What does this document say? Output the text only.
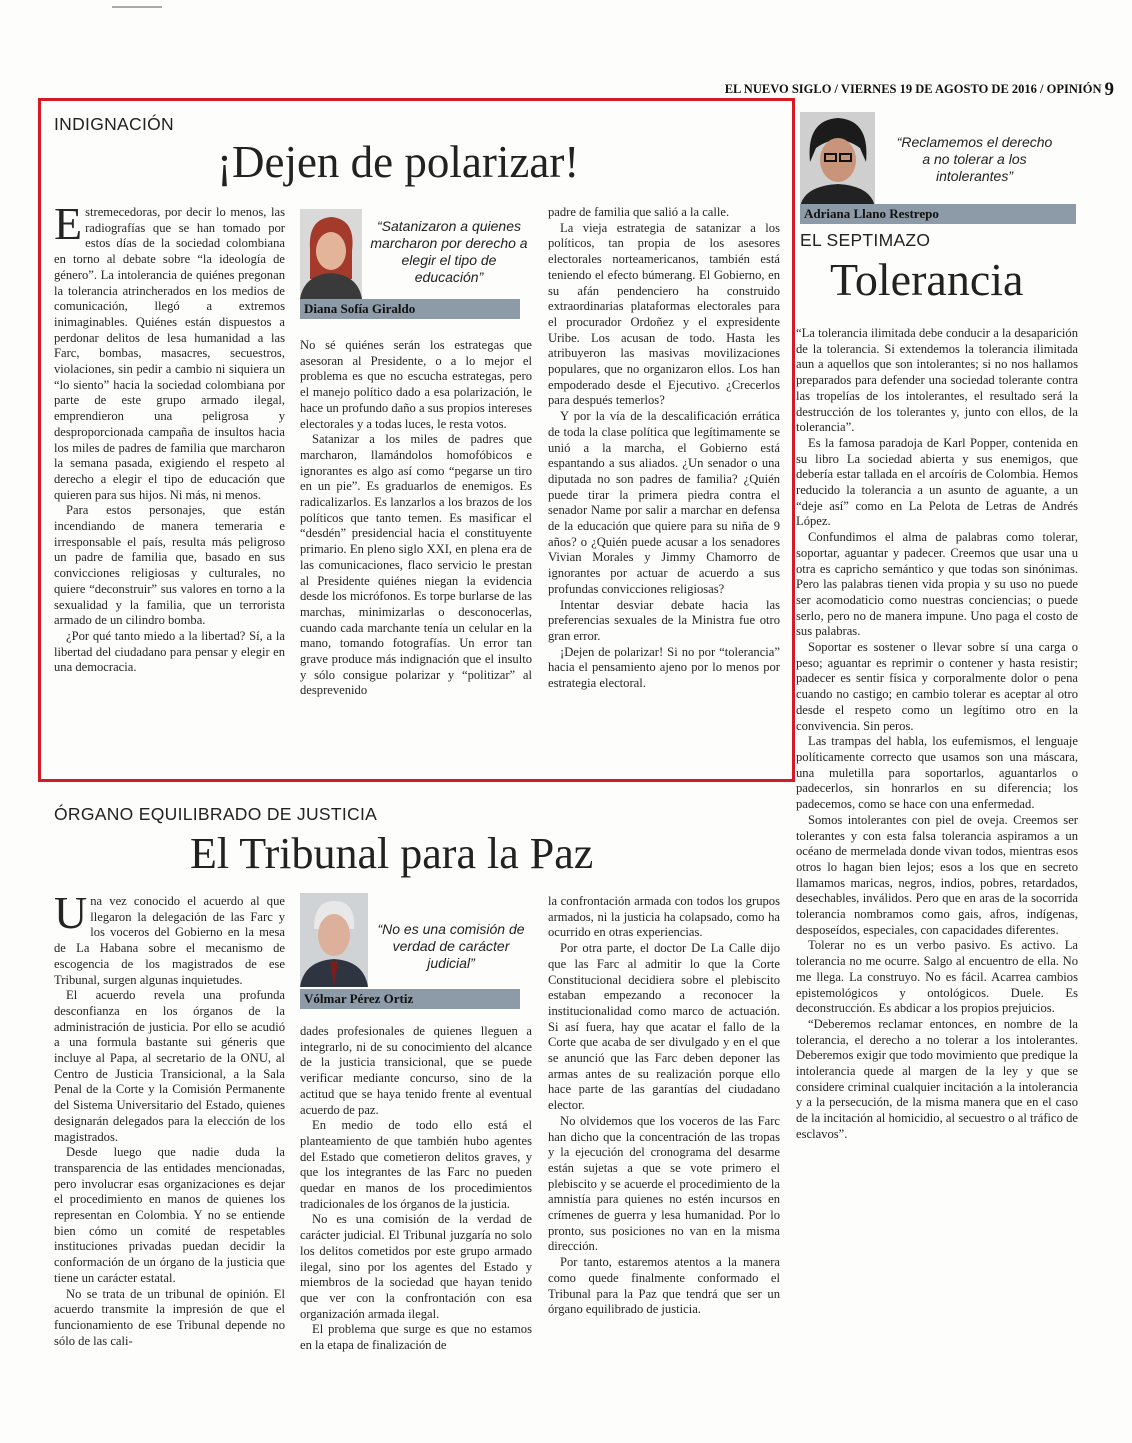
EL NUEVO SIGLO / VIERNES 19 DE AGOSTO DE 2016 / OPINIÓN 9
INDIGNACIÓN
¡Dejen de polarizar!

Estremecedoras, por decir lo menos, las radiografías que se han tomado por estos días de la sociedad colombiana en torno al debate sobre “la ideología de género”. La intolerancia de quiénes pregonan la tolerancia atrincherados en los medios de comunicación, llegó a extremos inimaginables. Quiénes están dispuestos a perdonar delitos de lesa humanidad a las Farc, bombas, masacres, secuestros, violaciones, sin pedir a cambio ni siquiera un “lo siento” hacia la sociedad colombiana por parte de este grupo armado ilegal, emprendieron una peligrosa y desproporcionada campaña de insultos hacia los miles de padres de familia que marcharon la semana pasada, exigiendo el respeto al derecho a elegir el tipo de educación que quieren para sus hijos. Ni más, ni menos.

Para estos personajes, que están incendiando de manera temeraria e irresponsable el país, resulta más peligroso un padre de familia que, basado en sus convicciones religiosas y culturales, no quiere “deconstruir” sus valores en torno a la sexualidad y la familia, que un terrorista armado de un cilindro bomba.

¿Por qué tanto miedo a la libertad? Sí, a la libertad del ciudadano para pensar y elegir en una democracia.

“Satanizaron a quienes marcharon por derecho a elegir el tipo de educación”
Diana Sofía Giraldo

No sé quiénes serán los estrategas que asesoran al Presidente, o a lo mejor el problema es que no escucha estrategas, pero el manejo político dado a esa polarización, le hace un profundo daño a sus propios intereses electorales y a todas luces, le resta votos.

Satanizar a los miles de padres que marcharon, llamándolos homofóbicos e ignorantes es algo así como “pegarse un tiro en un pie”. Es graduarlos de enemigos. Es radicalizarlos. Es lanzarlos a los brazos de los políticos que tanto temen. Es masificar el “desdén” presidencial hacia el constituyente primario. En pleno siglo XXI, en plena era de las comunicaciones, flaco servicio le prestan al Presidente quiénes niegan la evidencia desde los micrófonos. Es torpe burlarse de las marchas, minimizarlas o desconocerlas, cuando cada marchante tenía un celular en la mano, tomando fotografías. Un error tan grave produce más indignación que el insulto y sólo consigue polarizar y “politizar” al desprevenido

padre de familia que salió a la calle.

La vieja estrategia de satanizar a los políticos, tan propia de los asesores electorales norteamericanos, también está teniendo el efecto búmerang. El Gobierno, en su afán pendenciero ha construido extraordinarias plataformas electorales para el procurador Ordoñez y el expresidente Uribe. Los acusan de todo. Hasta les atribuyeron las masivas movilizaciones populares, que no organizaron ellos. Los han empoderado desde el Ejecutivo. ¿Crecerlos para después temerlos?

Y por la vía de la descalificación errática de toda la clase política que legítimamente se unió a la marcha, el Gobierno está espantando a sus aliados. ¿Un senador o una diputada no son padres de familia? ¿Quién puede tirar la primera piedra contra el senador Name por salir a marchar en defensa de la educación que quiere para su niña de 9 años? o ¿Quién puede acusar a los senadores Vivian Morales y Jimmy Chamorro de ignorantes por actuar de acuerdo a sus profundas convicciones religiosas?

Intentar desviar debate hacia las preferencias sexuales de la Ministra fue otro gran error.

¡Dejen de polarizar! Si no por “tolerancia” hacia el pensamiento ajeno por lo menos por estrategia electoral.

ÓRGANO EQUILIBRADO DE JUSTICIA
El Tribunal para la Paz

Una vez conocido el acuerdo al que llegaron la delegación de las Farc y los voceros del Gobierno en la mesa de La Habana sobre el mecanismo de escogencia de los magistrados de ese Tribunal, surgen algunas inquietudes.

El acuerdo revela una profunda desconfianza en los órganos de la administración de justicia. Por ello se acudió a una formula bastante sui géneris que incluye al Papa, al secretario de la ONU, al Centro de Justicia Transicional, a la Sala Penal de la Corte y la Comisión Permanente del Sistema Universitario del Estado, quienes designarán delegados para la elección de los magistrados.

Desde luego que nadie duda la transparencia de las entidades mencionadas, pero involucrar esas organizaciones es dejar el procedimiento en manos de quienes los representan en Colombia. Y no se entiende bien cómo un comité de respetables instituciones privadas puedan decidir la conformación de un órgano de la justicia que tiene un carácter estatal.

No se trata de un tribunal de opinión. El acuerdo transmite la impresión de que el funcionamiento de ese Tribunal depende no sólo de las cali-

“No es una comisión de verdad de carácter judicial”
Vólmar Pérez Ortiz

dades profesionales de quienes lleguen a integrarlo, ni de su conocimiento del alcance de la justicia transicional, que se puede verificar mediante concurso, sino de la actitud que se haya tenido frente al eventual acuerdo de paz.

En medio de todo ello está el planteamiento de que también hubo agentes del Estado que cometieron delitos graves, y que los integrantes de las Farc no pueden quedar en manos de los procedimientos tradicionales de los órganos de la justicia.

No es una comisión de la verdad de carácter judicial. El Tribunal juzgaría no solo los delitos cometidos por este grupo armado ilegal, sino por los agentes del Estado y miembros de la sociedad que hayan tenido que ver con la confrontación con esa organización armada ilegal.

El problema que surge es que no estamos en la etapa de finalización de

la confrontación armada con todos los grupos armados, ni la justicia ha colapsado, como ha ocurrido en otras experiencias.

Por otra parte, el doctor De La Calle dijo que las Farc al admitir lo que la Corte Constitucional decidiera sobre el plebiscito estaban empezando a reconocer la institucionalidad como marco de actuación. Si así fuera, hay que acatar el fallo de la Corte que acaba de ser divulgado y en el que se anunció que las Farc deben deponer las armas antes de su realización porque ello hace parte de las garantías del ciudadano elector.

No olvidemos que los voceros de las Farc han dicho que la concentración de las tropas y la ejecución del cronograma del desarme están sujetas a que se vote primero el plebiscito y se acuerde el procedimiento de la amnistía para quienes no estén incursos en crímenes de guerra y lesa humanidad. Por lo pronto, sus posiciones no van en la misma dirección.

Por tanto, estaremos atentos a la manera como quede finalmente conformado el Tribunal para la Paz que tendrá que ser un órgano equilibrado de justicia.

“Reclamemos el derecho a no tolerar a los intolerantes”
Adriana Llano Restrepo
EL SEPTIMAZO
Tolerancia

“La tolerancia ilimitada debe conducir a la desaparición de la tolerancia. Si extendemos la tolerancia ilimitada aun a aquellos que son intolerantes; si no nos hallamos preparados para defender una sociedad tolerante contra las tropelías de los intolerantes, el resultado será la destrucción de los tolerantes y, junto con ellos, de la tolerancia”.

Es la famosa paradoja de Karl Popper, contenida en su libro La sociedad abierta y sus enemigos, que debería estar tallada en el arcoíris de Colombia. Hemos reducido la tolerancia a un asunto de aguante, a un “deje así” como en La Pelota de Letras de Andrés López.

Confundimos el alma de palabras como tolerar, soportar, aguantar y padecer. Creemos que usar una u otra es capricho semántico y que todas son sinónimas. Pero las palabras tienen vida propia y su uso no puede ser acomodaticio como nuestras conciencias; o puede serlo, pero no de manera impune. Uno paga el costo de sus palabras.

Soportar es sostener o llevar sobre sí una carga o peso; aguantar es reprimir o contener y hasta resistir; padecer es sentir física y corporalmente dolor o pena cuando no castigo; en cambio tolerar es aceptar al otro desde el respeto como un legítimo otro en la convivencia. Sin peros.

Las trampas del habla, los eufemismos, el lenguaje políticamente correcto que usamos son una máscara, una muletilla para soportarlos, aguantarlos o padecerlos, sin honrarlos en su diferencia; los padecemos, como se hace con una enfermedad.

Somos intolerantes con piel de oveja. Creemos ser tolerantes y con esta falsa tolerancia aspiramos a un océano de mermelada donde vivan todos, mientras esos otros lo hagan bien lejos; esos a los que en secreto llamamos maricas, negros, indios, pobres, retardados, desechables, inválidos. Pero que en aras de la socorrida tolerancia nombramos como gais, afros, indígenas, desposeídos, especiales, con capacidades diferentes.

Tolerar no es un verbo pasivo. Es activo. La tolerancia no me ocurre. Salgo al encuentro de ella. No me llega. La construyo. No es fácil. Acarrea cambios epistemológicos y ontológicos. Duele. Es deconstrucción. Es abdicar a los propios prejuicios.

“Deberemos reclamar entonces, en nombre de la tolerancia, el derecho a no tolerar a los intolerantes. Deberemos exigir que todo movimiento que predique la intolerancia quede al margen de la ley y que se considere criminal cualquier incitación a la intolerancia y a la persecución, de la misma manera que en el caso de la incitación al homicidio, al secuestro o al tráfico de esclavos”.
